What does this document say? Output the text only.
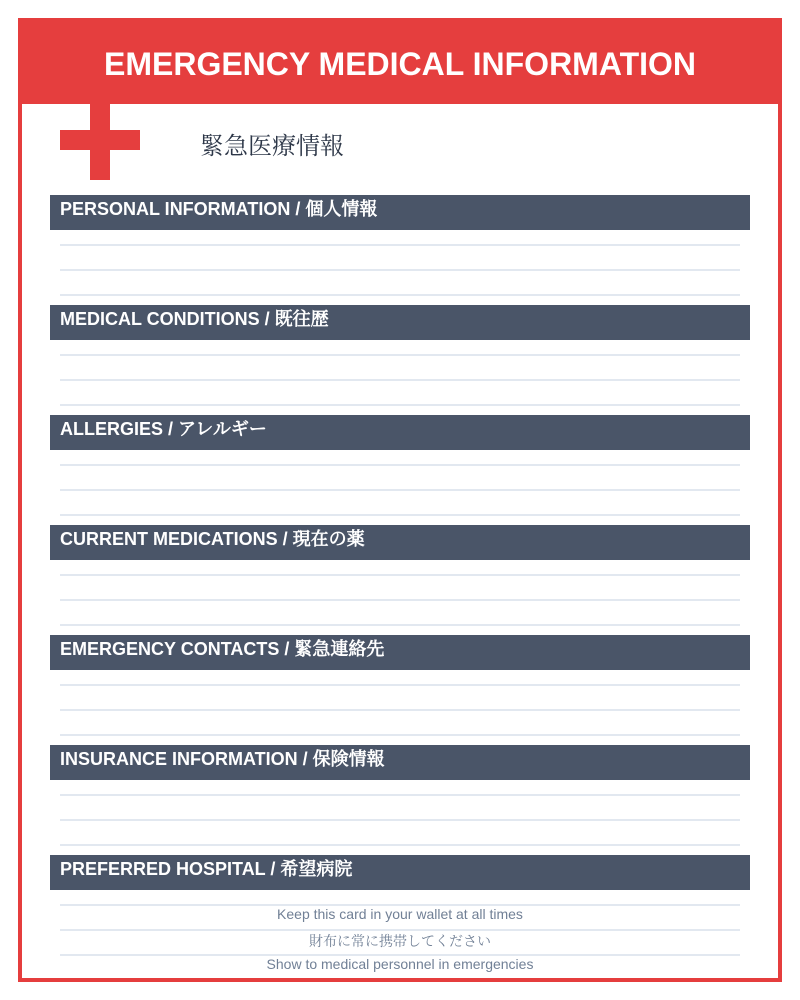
EMERGENCY MEDICAL INFORMATION
緊急医療情報
PERSONAL INFORMATION / 個人情報
MEDICAL CONDITIONS / 既往歴
ALLERGIES / アレルギー
CURRENT MEDICATIONS / 現在の薬
EMERGENCY CONTACTS / 緊急連絡先
INSURANCE INFORMATION / 保険情報
PREFERRED HOSPITAL / 希望病院
Keep this card in your wallet at all times
財布に常に携帯してください
Show to medical personnel in emergencies
